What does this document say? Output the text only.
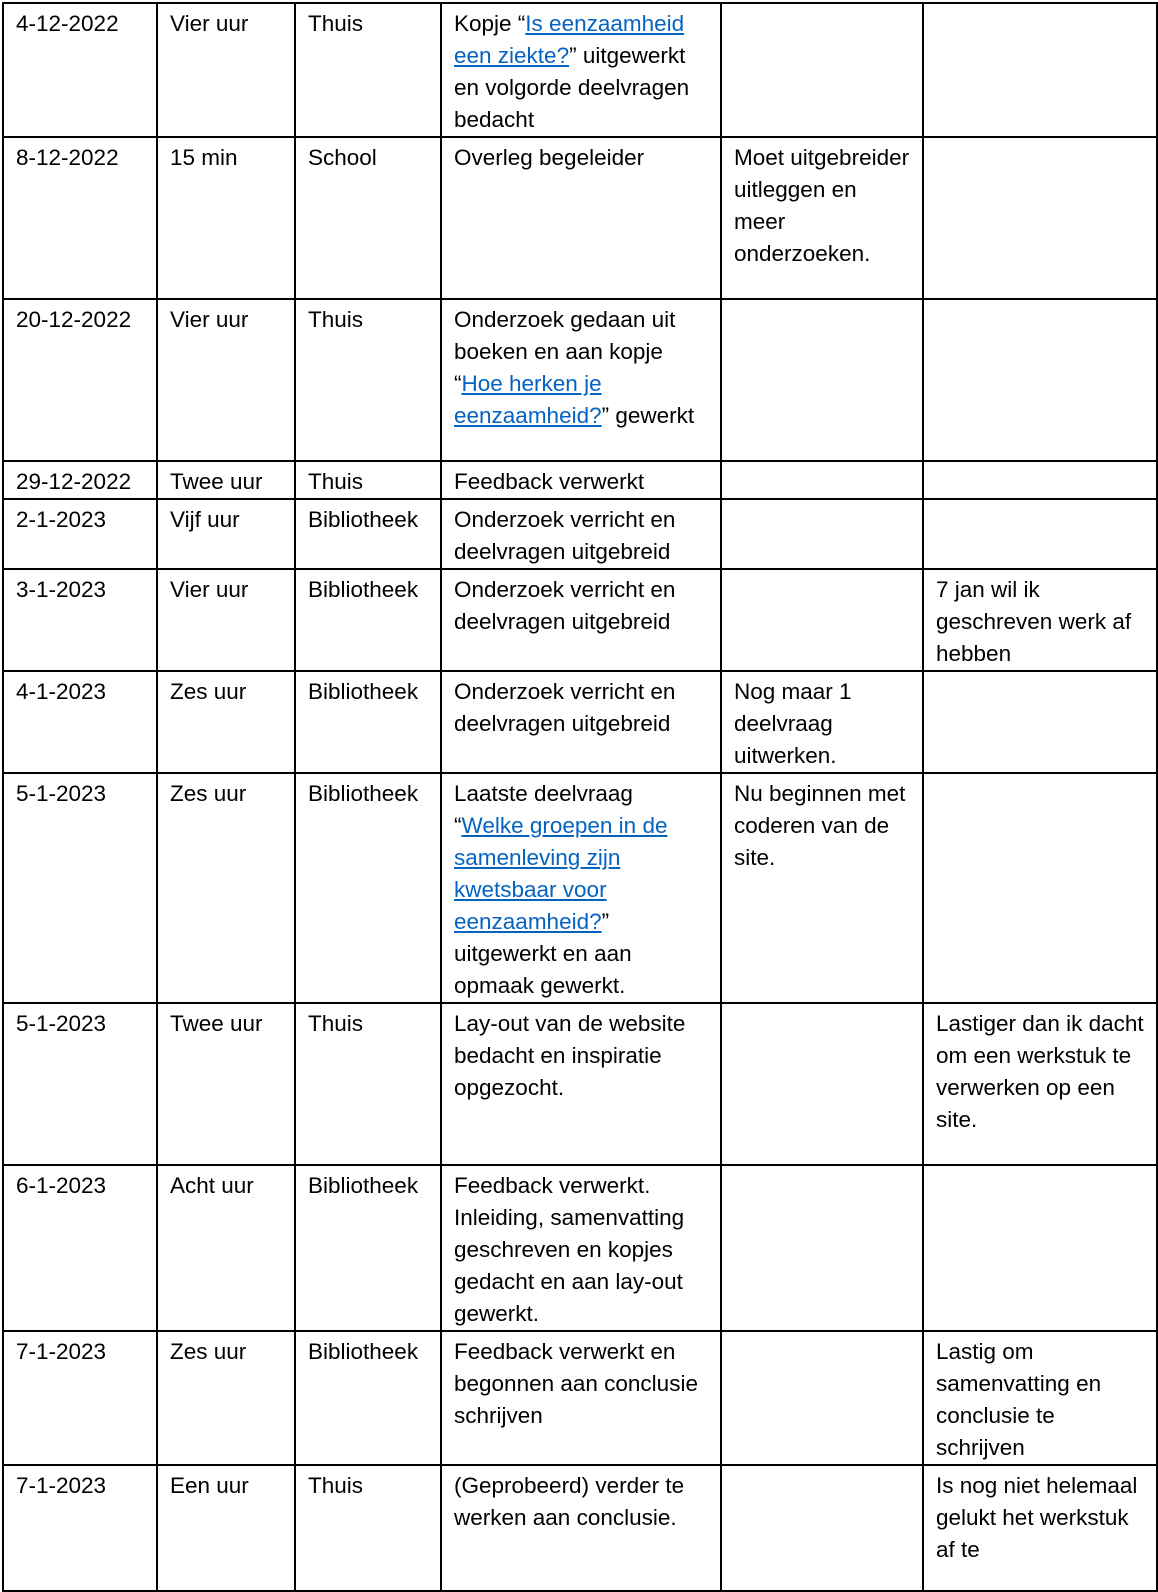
4-12-2022	Vier uur	Thuis	Kopje “Is eenzaamheid een ziekte?” uitgewerkt en volgorde deelvragen bedacht		
8-12-2022	15 min	School	Overleg begeleider	Moet uitgebreider uitleggen en meer onderzoeken.	
20-12-2022	Vier uur	Thuis	Onderzoek gedaan uit boeken en aan kopje “Hoe herken je eenzaamheid?” gewerkt		
29-12-2022	Twee uur	Thuis	Feedback verwerkt		
2-1-2023	Vijf uur	Bibliotheek	Onderzoek verricht en deelvragen uitgebreid		
3-1-2023	Vier uur	Bibliotheek	Onderzoek verricht en deelvragen uitgebreid		7 jan wil ik geschreven werk af hebben
4-1-2023	Zes uur	Bibliotheek	Onderzoek verricht en deelvragen uitgebreid	Nog maar 1 deelvraag uitwerken.	
5-1-2023	Zes uur	Bibliotheek	Laatste deelvraag “Welke groepen in de samenleving zijn kwetsbaar voor eenzaamheid?” uitgewerkt en aan opmaak gewerkt.	Nu beginnen met coderen van de site.	
5-1-2023	Twee uur	Thuis	Lay-out van de website bedacht en inspiratie opgezocht.		Lastiger dan ik dacht om een werkstuk te verwerken op een site.
6-1-2023	Acht uur	Bibliotheek	Feedback verwerkt. Inleiding, samenvatting geschreven en kopjes gedacht en aan lay-out gewerkt.		
7-1-2023	Zes uur	Bibliotheek	Feedback verwerkt en begonnen aan conclusie schrijven		Lastig om samenvatting en conclusie te schrijven
7-1-2023	Een uur	Thuis	(Geprobeerd) verder te werken aan conclusie.		Is nog niet helemaal gelukt het werkstuk af te
